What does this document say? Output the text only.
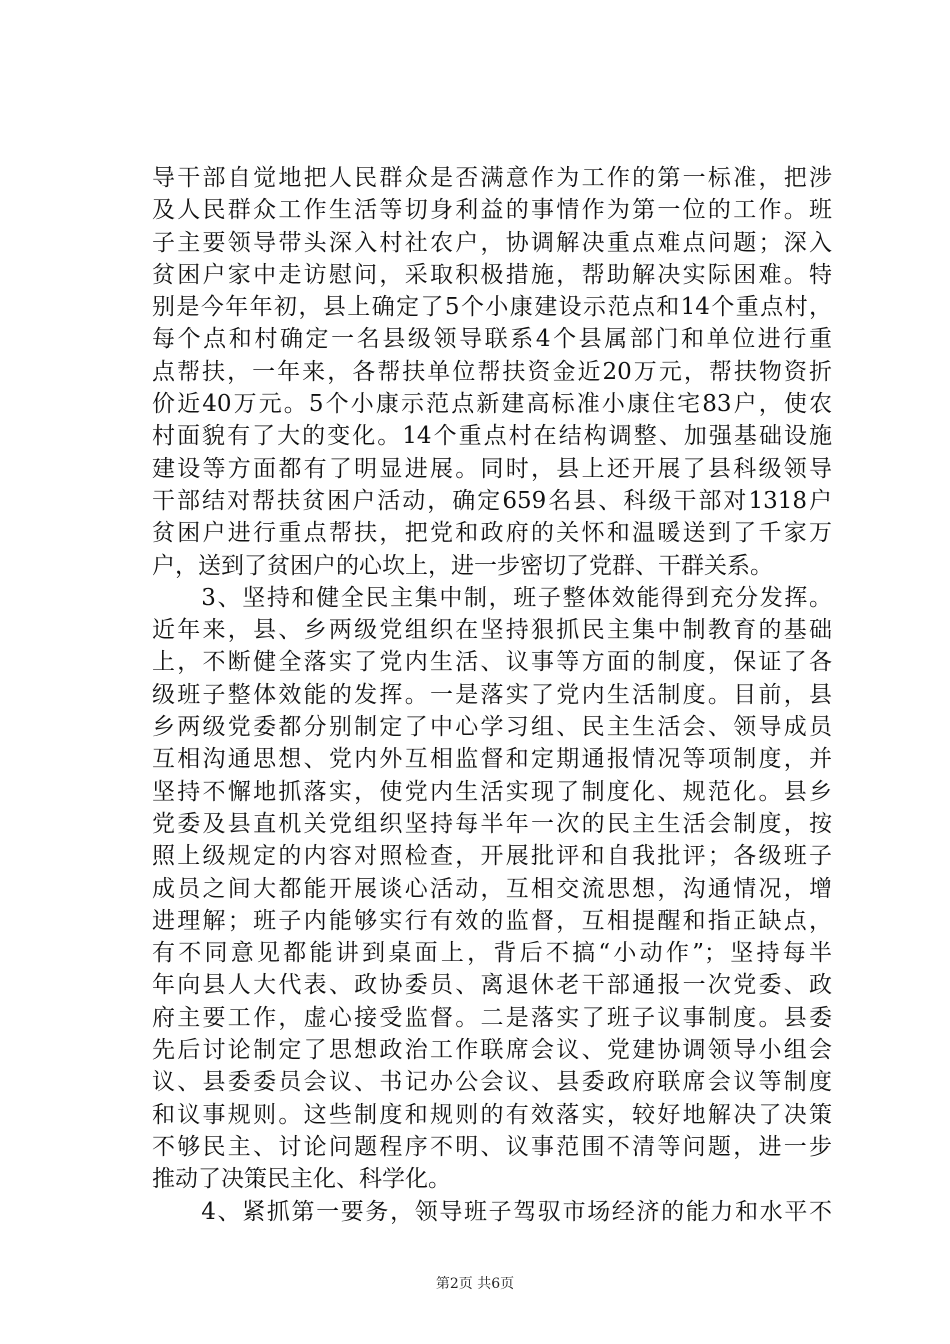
导干部自觉地把人民群众是否满意作为工作的第一标准，把涉
及人民群众工作生活等切身利益的事情作为第一位的工作。班
子主要领导带头深入村社农户，协调解决重点难点问题；深入
贫困户家中走访慰问，采取积极措施，帮助解决实际困难。特
别是今年年初，县上确定了5个小康建设示范点和14个重点村，
每个点和村确定一名县级领导联系4个县属部门和单位进行重
点帮扶，一年来，各帮扶单位帮扶资金近20万元，帮扶物资折
价近40万元。5个小康示范点新建高标准小康住宅83户，使农
村面貌有了大的变化。14个重点村在结构调整、加强基础设施
建设等方面都有了明显进展。同时，县上还开展了县科级领导
干部结对帮扶贫困户活动，确定659名县、科级干部对1318户
贫困户进行重点帮扶，把党和政府的关怀和温暖送到了千家万
户，送到了贫困户的心坎上，进一步密切了党群、干群关系。
　　3、坚持和健全民主集中制，班子整体效能得到充分发挥。
近年来，县、乡两级党组织在坚持狠抓民主集中制教育的基础
上，不断健全落实了党内生活、议事等方面的制度，保证了各
级班子整体效能的发挥。一是落实了党内生活制度。目前，县
乡两级党委都分别制定了中心学习组、民主生活会、领导成员
互相沟通思想、党内外互相监督和定期通报情况等项制度，并
坚持不懈地抓落实，使党内生活实现了制度化、规范化。县乡
党委及县直机关党组织坚持每半年一次的民主生活会制度，按
照上级规定的内容对照检查，开展批评和自我批评；各级班子
成员之间大都能开展谈心活动，互相交流思想，沟通情况，增
进理解；班子内能够实行有效的监督，互相提醒和指正缺点，
有不同意见都能讲到桌面上，背后不搞“小动作”；坚持每半
年向县人大代表、政协委员、离退休老干部通报一次党委、政
府主要工作，虚心接受监督。二是落实了班子议事制度。县委
先后讨论制定了思想政治工作联席会议、党建协调领导小组会
议、县委委员会议、书记办公会议、县委政府联席会议等制度
和议事规则。这些制度和规则的有效落实，较好地解决了决策
不够民主、讨论问题程序不明、议事范围不清等问题，进一步
推动了决策民主化、科学化。
　　4、紧抓第一要务，领导班子驾驭市场经济的能力和水平不
第2页 共6页
